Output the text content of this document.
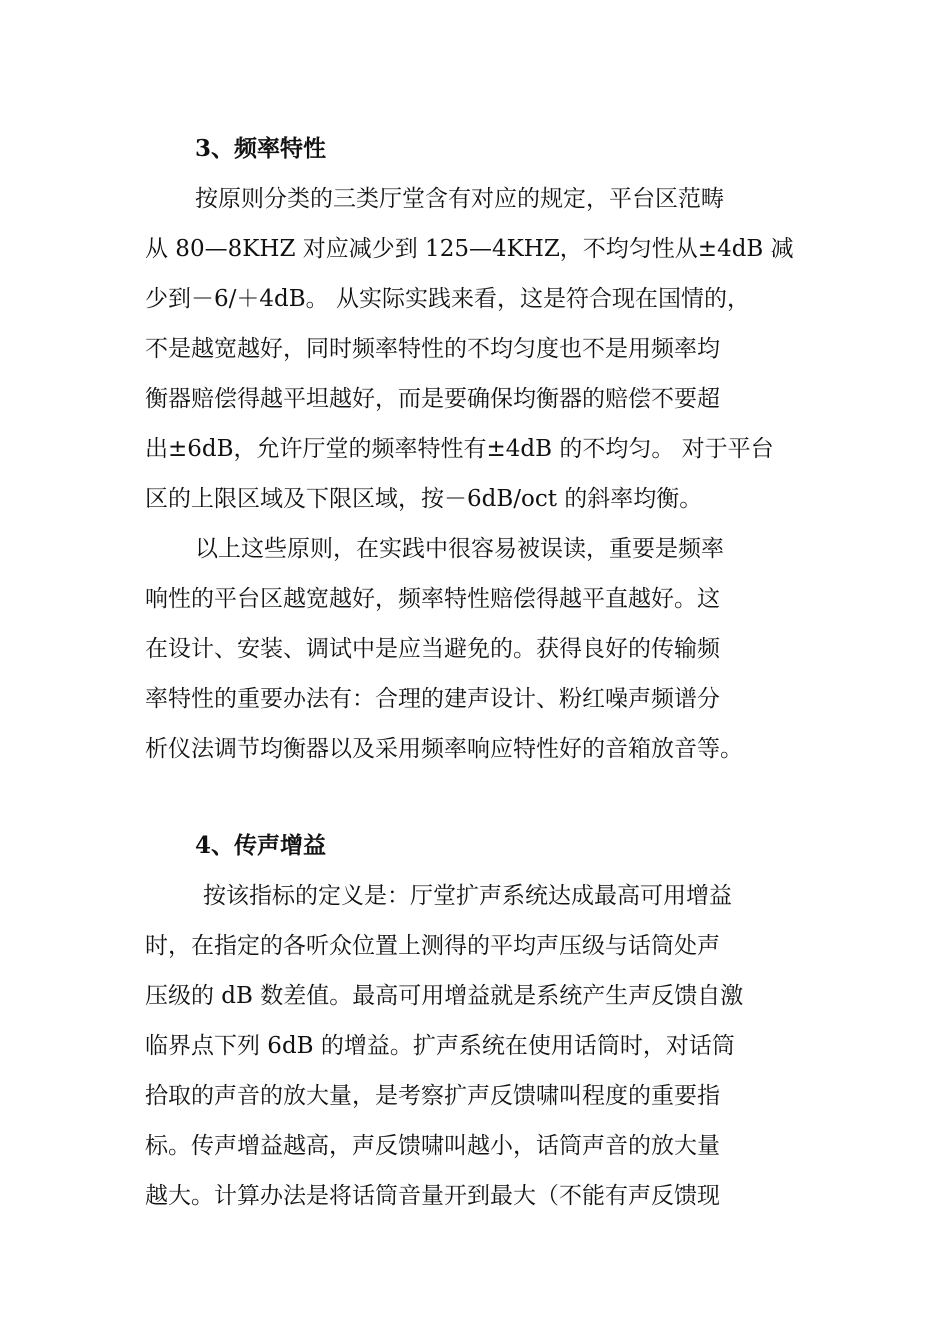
3、频率特性
按原则分类的三类厅堂含有对应的规定，平台区范畴
从 80—8KHZ 对应减少到 125—4KHZ，不均匀性从±4dB 减
少到－6/＋4dB。 从实际实践来看，这是符合现在国情的，
不是越宽越好，同时频率特性的不均匀度也不是用频率均
衡器赔偿得越平坦越好，而是要确保均衡器的赔偿不要超
出±6dB，允许厅堂的频率特性有±4dB 的不均匀。 对于平台
区的上限区域及下限区域，按－6dB/oct 的斜率均衡。
以上这些原则，在实践中很容易被误读，重要是频率
响性的平台区越宽越好，频率特性赔偿得越平直越好。这
在设计、安装、调试中是应当避免的。获得良好的传输频
率特性的重要办法有：合理的建声设计、粉红噪声频谱分
析仪法调节均衡器以及采用频率响应特性好的音箱放音等。
4、传声增益
按该指标的定义是：厅堂扩声系统达成最高可用增益
时，在指定的各听众位置上测得的平均声压级与话筒处声
压级的 dB 数差值。最高可用增益就是系统产生声反馈自激
临界点下列 6dB 的增益。扩声系统在使用话筒时，对话筒
拾取的声音的放大量，是考察扩声反馈啸叫程度的重要指
标。传声增益越高，声反馈啸叫越小，话筒声音的放大量
越大。计算办法是将话筒音量开到最大（不能有声反馈现
